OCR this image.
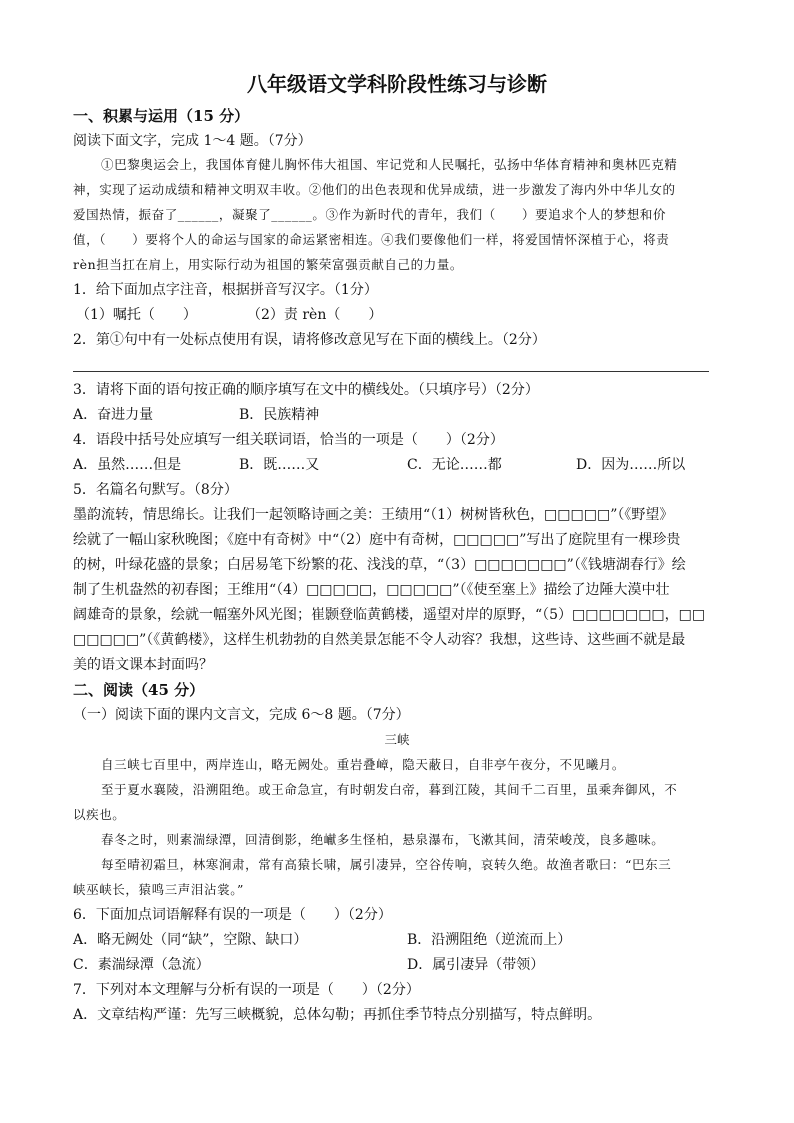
八年级语文学科阶段性练习与诊断
一、积累与运用（15 分）
阅读下面文字，完成 1～4 题。（7分）
①巴黎奥运会上，我国体育健儿胸怀伟大祖国、牢记党和人民嘱托，弘扬中华体育精神和奥林匹克精
神，实现了运动成绩和精神文明双丰收。②他们的出色表现和优异成绩，进一步激发了海内外中华儿女的
爱国热情，振奋了______，凝聚了______。③作为新时代的青年，我们（　　）要追求个人的梦想和价
值，（　　）要将个人的命运与国家的命运紧密相连。④我们要像他们一样，将爱国情怀深植于心，将责
rèn担当扛在肩上，用实际行动为祖国的繁荣富强贡献自己的力量。
1．给下面加点字注音，根据拼音写汉字。（1分）
（1）嘱托（　　）	（2）责 rèn（　　）
2．第①句中有一处标点使用有误，请将修改意见写在下面的横线上。（2分）
3．请将下面的语句按正确的顺序填写在文中的横线处。（只填序号）（2分）
A．奋进力量	B．民族精神
4．语段中括号处应填写一组关联词语，恰当的一项是（　　）（2分）
A．虽然……但是	B．既……又	C．无论……都	D．因为……所以
5．名篇名句默写。（8分）
墨韵流转，情思绵长。让我们一起领略诗画之美：王绩用“（1）树树皆秋色，□□□□□”（《野望》
绘就了一幅山家秋晚图；《庭中有奇树》中“（2）庭中有奇树，□□□□□”写出了庭院里有一棵珍贵
的树，叶绿花盛的景象；白居易笔下纷繁的花、浅浅的草，“（3）□□□□□□□”（《钱塘湖春行》绘
制了生机盎然的初春图；王维用“（4）□□□□□，□□□□□”（《使至塞上》描绘了边陲大漠中壮
阔雄奇的景象，绘就一幅塞外风光图；崔颢登临黄鹤楼，遥望对岸的原野，“（5）□□□□□□□，□□
□□□□□”（《黄鹤楼》，这样生机勃勃的自然美景怎能不令人动容？我想，这些诗、这些画不就是最
美的语文课本封面吗？
二、阅读（45 分）
（一）阅读下面的课内文言文，完成 6～8 题。（7分）
三峡
自三峡七百里中，两岸连山，略无阙处。重岩叠嶂，隐天蔽日，自非亭午夜分，不见曦月。
至于夏水襄陵，沿溯阻绝。或王命急宣，有时朝发白帝，暮到江陵，其间千二百里，虽乘奔御风，不
以疾也。
春冬之时，则素湍绿潭，回清倒影，绝𪩘多生怪柏，悬泉瀑布，飞漱其间，清荣峻茂，良多趣味。
每至晴初霜旦，林寒涧肃，常有高猿长啸，属引凄异，空谷传响，哀转久绝。故渔者歌曰：“巴东三
峡巫峡长，猿鸣三声泪沾裳。”
6．下面加点词语解释有误的一项是（　　）（2分）
A．略无阙处（同“缺”，空隙、缺口）	B．沿溯阻绝（逆流而上）
C．素湍绿潭（急流）	D．属引凄异（带领）
7．下列对本文理解与分析有误的一项是（　　）（2分）
A．文章结构严谨：先写三峡概貌，总体勾勒；再抓住季节特点分别描写，特点鲜明。
